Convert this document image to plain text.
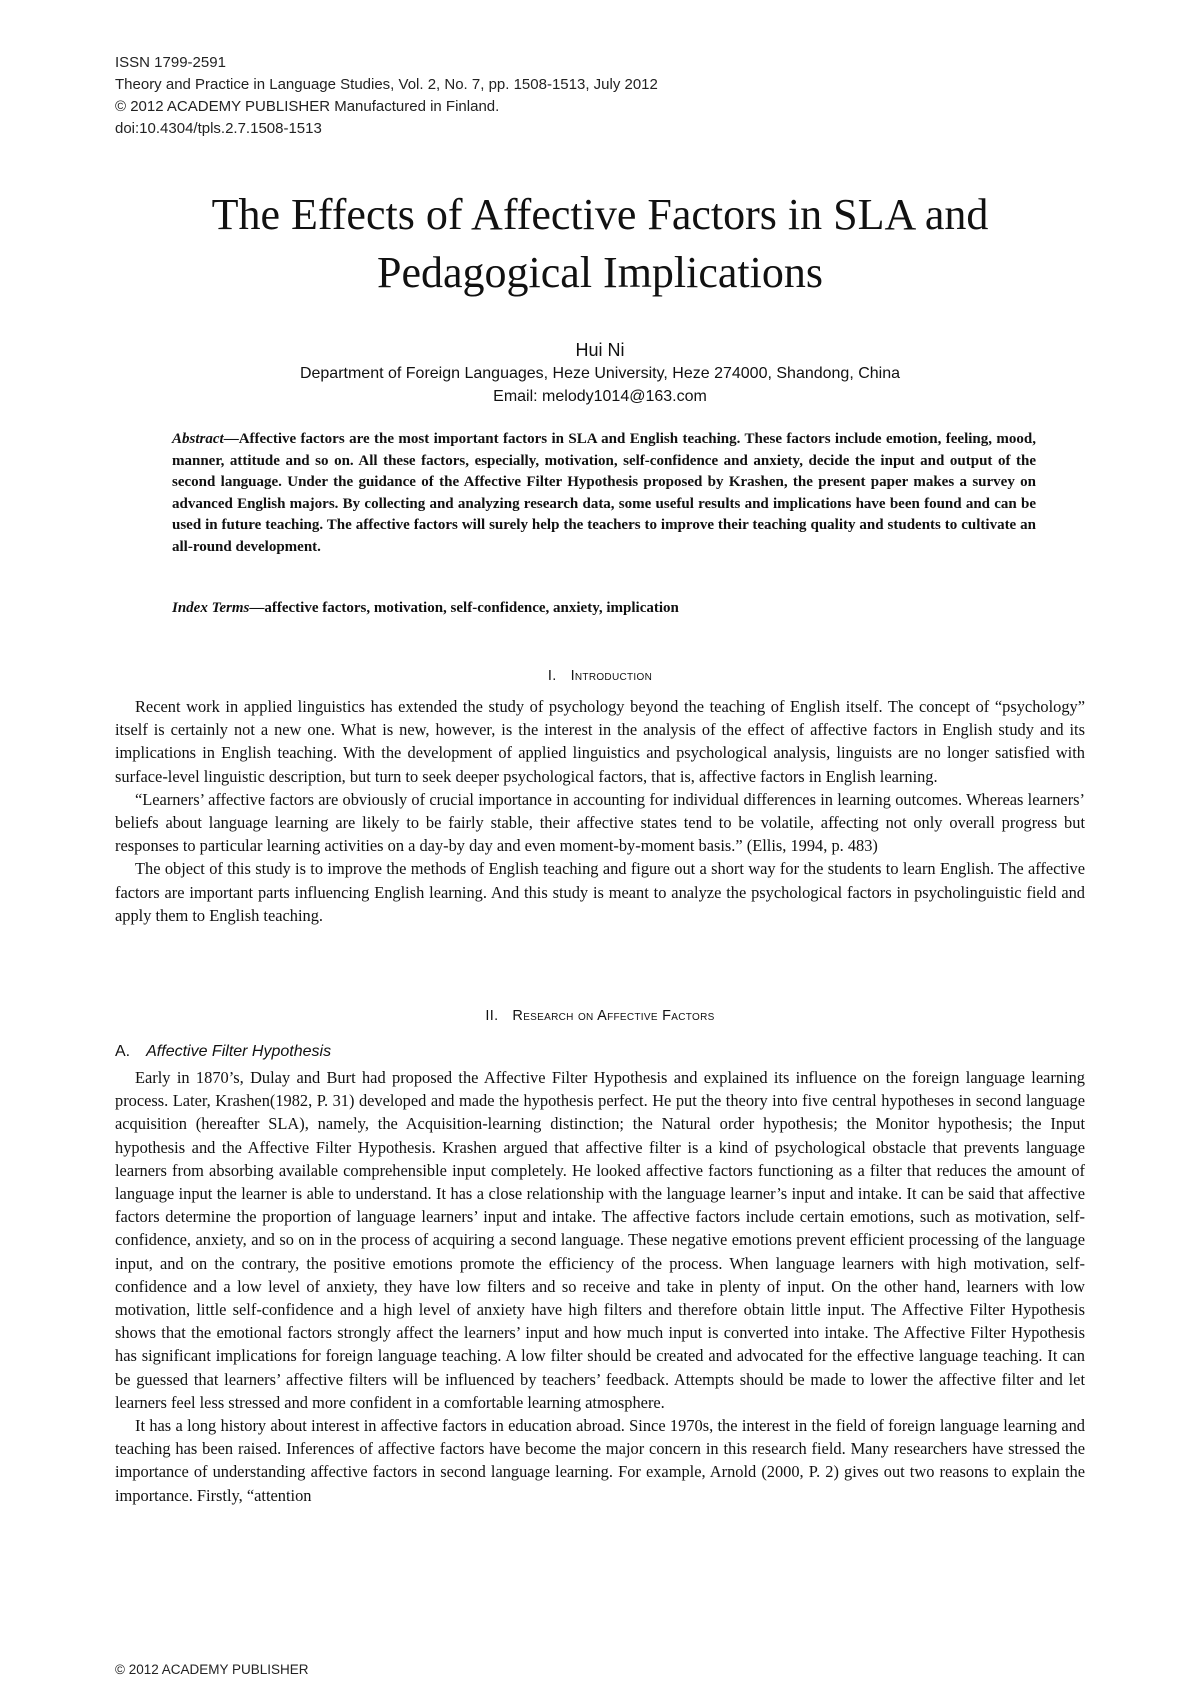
ISSN 1799-2591
Theory and Practice in Language Studies, Vol. 2, No. 7, pp. 1508-1513, July 2012
© 2012 ACADEMY PUBLISHER Manufactured in Finland.
doi:10.4304/tpls.2.7.1508-1513
The Effects of Affective Factors in SLA and
Pedagogical Implications
Hui Ni
Department of Foreign Languages, Heze University, Heze 274000, Shandong, China
Email: melody1014@163.com
Abstract—Affective factors are the most important factors in SLA and English teaching. These factors include emotion, feeling, mood, manner, attitude and so on. All these factors, especially, motivation, self-confidence and anxiety, decide the input and output of the second language. Under the guidance of the Affective Filter Hypothesis proposed by Krashen, the present paper makes a survey on advanced English majors. By collecting and analyzing research data, some useful results and implications have been found and can be used in future teaching. The affective factors will surely help the teachers to improve their teaching quality and students to cultivate an all-round development.
Index Terms—affective factors, motivation, self-confidence, anxiety, implication
I. Introduction

Recent work in applied linguistics has extended the study of psychology beyond the teaching of English itself. The concept of “psychology” itself is certainly not a new one. What is new, however, is the interest in the analysis of the effect of affective factors in English study and its implications in English teaching. With the development of applied linguistics and psychological analysis, linguists are no longer satisfied with surface-level linguistic description, but turn to seek deeper psychological factors, that is, affective factors in English learning.

“Learners’ affective factors are obviously of crucial importance in accounting for individual differences in learning outcomes. Whereas learners’ beliefs about language learning are likely to be fairly stable, their affective states tend to be volatile, affecting not only overall progress but responses to particular learning activities on a day-by day and even moment-by-moment basis.” (Ellis, 1994, p. 483)

The object of this study is to improve the methods of English teaching and figure out a short way for the students to learn English. The affective factors are important parts influencing English learning. And this study is meant to analyze the psychological factors in psycholinguistic field and apply them to English teaching.

II. Research on Affective Factors
A. Affective Filter Hypothesis

Early in 1870’s, Dulay and Burt had proposed the Affective Filter Hypothesis and explained its influence on the foreign language learning process. Later, Krashen(1982, P. 31) developed and made the hypothesis perfect. He put the theory into five central hypotheses in second language acquisition (hereafter SLA), namely, the Acquisition-learning distinction; the Natural order hypothesis; the Monitor hypothesis; the Input hypothesis and the Affective Filter Hypothesis. Krashen argued that affective filter is a kind of psychological obstacle that prevents language learners from absorbing available comprehensible input completely. He looked affective factors functioning as a filter that reduces the amount of language input the learner is able to understand. It has a close relationship with the language learner’s input and intake. It can be said that affective factors determine the proportion of language learners’ input and intake. The affective factors include certain emotions, such as motivation, self-confidence, anxiety, and so on in the process of acquiring a second language. These negative emotions prevent efficient processing of the language input, and on the contrary, the positive emotions promote the efficiency of the process. When language learners with high motivation, self-confidence and a low level of anxiety, they have low filters and so receive and take in plenty of input. On the other hand, learners with low motivation, little self-confidence and a high level of anxiety have high filters and therefore obtain little input. The Affective Filter Hypothesis shows that the emotional factors strongly affect the learners’ input and how much input is converted into intake. The Affective Filter Hypothesis has significant implications for foreign language teaching. A low filter should be created and advocated for the effective language teaching. It can be guessed that learners’ affective filters will be influenced by teachers’ feedback. Attempts should be made to lower the affective filter and let learners feel less stressed and more confident in a comfortable learning atmosphere.

It has a long history about interest in affective factors in education abroad. Since 1970s, the interest in the field of foreign language learning and teaching has been raised. Inferences of affective factors have become the major concern in this research field. Many researchers have stressed the importance of understanding affective factors in second language learning. For example, Arnold (2000, P. 2) gives out two reasons to explain the importance. Firstly, “attention

© 2012 ACADEMY PUBLISHER
